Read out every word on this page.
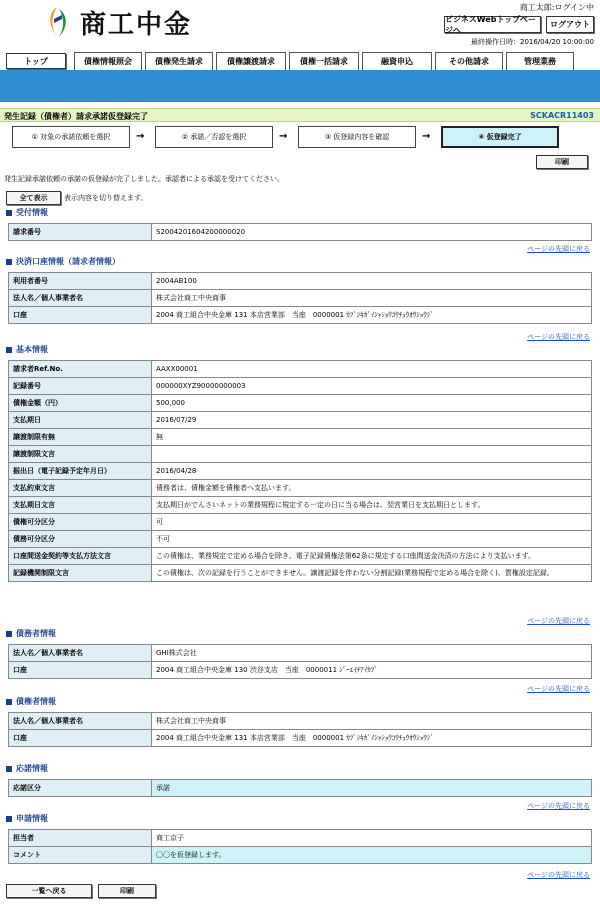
商工中金
商工太郎:ログイン中
ビジネスWebトップページへ
ログアウト
最終操作日時：2016/04/20 10:00:00
トップ	債権情報照会	債権発生請求	債権譲渡請求	債権一括請求	融資申込	その他請求	管理業務
発生記録（債権者）請求承諾仮登録完了	SCKACR11403
① 対象の承諾依頼を選択	→	② 承諾／否認を選択	→	③ 仮登録内容を確認	→	④ 仮登録完了
印刷
発生記録承諾依頼の承諾の仮登録が完了しました。承認者による承認を受けてください。
全て表示	表示内容を切り替えます。
受付情報
請求番号	S2004201604200000020
ページの先頭に戻る
決済口座情報（請求者情報）
利用者番号	2004AB100
法人名／個人事業者名	株式会社商工中央商事
口座	2004 商工組合中央金庫 131 本店営業部　当座　0000001 ｶﾌﾞｼｷｶﾞｲｼｬｼｮｳｺｳﾁｭｳｵｳｼｮｳｼﾞ
ページの先頭に戻る
基本情報
請求者Ref.No.	AAXX00001
記録番号	000000XYZ90000000003
債権金額（円）	500,000
支払期日	2016/07/29
譲渡制限有無	無
譲渡制限文言	
振出日（電子記録予定年月日）	2016/04/28
支払約束文言	債務者は、債権金額を債権者へ支払います。
支払期日文言	支払期日がでんさいネットの業務規程に規定する一定の日に当る場合は、翌営業日を支払期日とします。
債権可分区分	可
債務可分区分	不可
口座間送金契約等支払方法文言	この債権は、業務規定で定める場合を除き、電子記録債権法第62条に規定する口座間送金決済の方法により支払います。
記録機関制限文言	この債権は、次の記録を行うことができません。譲渡記録を伴わない分割記録(業務規程で定める場合を除く)、質権設定記録。
ページの先頭に戻る
債務者情報
法人名／個人事業者名	GHI株式会社
口座	2004 商工組合中央金庫 130 渋谷支店　当座　0000011 ｼﾞｰｴｲﾁｱｲｶﾌﾞ
ページの先頭に戻る
債権者情報
法人名／個人事業者名	株式会社商工中央商事
口座	2004 商工組合中央金庫 131 本店営業部　当座　0000001 ｶﾌﾞｼｷｶﾞｲｼｬｼｮｳｺｳﾁｭｳｵｳｼｮｳｼﾞ
応諾情報
応諾区分	承諾
ページの先頭に戻る
申請情報
担当者	商工京子
コメント	〇〇を仮登録します。
ページの先頭に戻る
一覧へ戻る	印刷
